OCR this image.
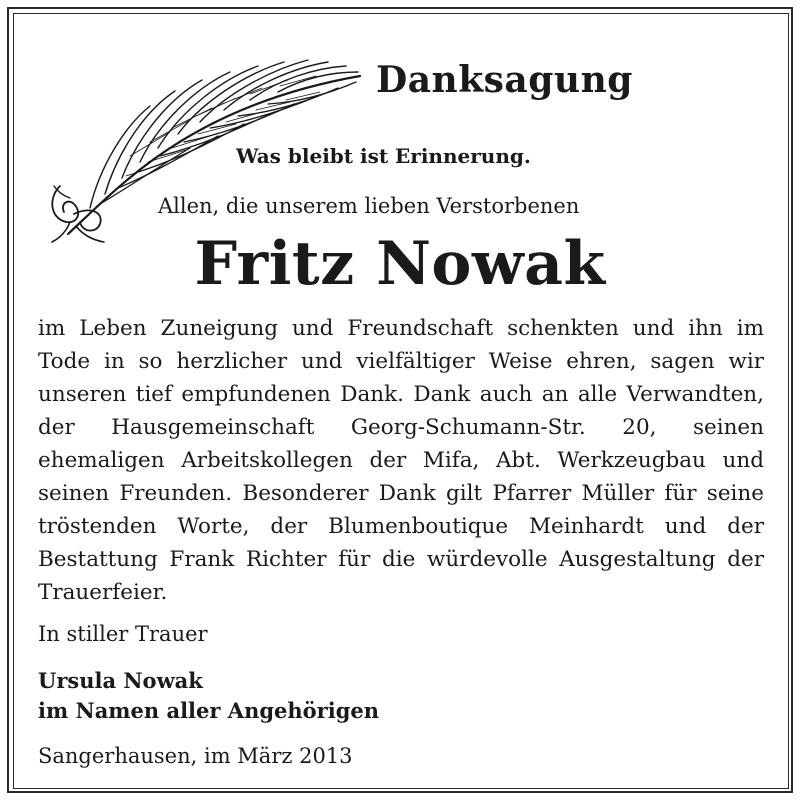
Danksagung
Was bleibt ist Erinnerung.
Allen, die unserem lieben Verstorbenen
Fritz Nowak
im Leben Zuneigung und Freundschaft schenkten und ihn im Tode in so herzlicher und vielfältiger Weise ehren, sagen wir unseren tief empfundenen Dank. Dank auch an alle Verwandten, der Hausgemeinschaft Georg-Schumann-Str. 20, seinen ehemaligen Arbeitskollegen der Mifa, Abt. Werkzeugbau und seinen Freunden. Besonderer Dank gilt Pfarrer Müller für seine tröstenden Worte, der Blumenboutique Meinhardt und der Bestattung Frank Richter für die würdevolle Ausgestaltung der Trauerfeier.
In stiller Trauer
Ursula Nowak
im Namen aller Angehörigen
Sangerhausen, im März 2013
